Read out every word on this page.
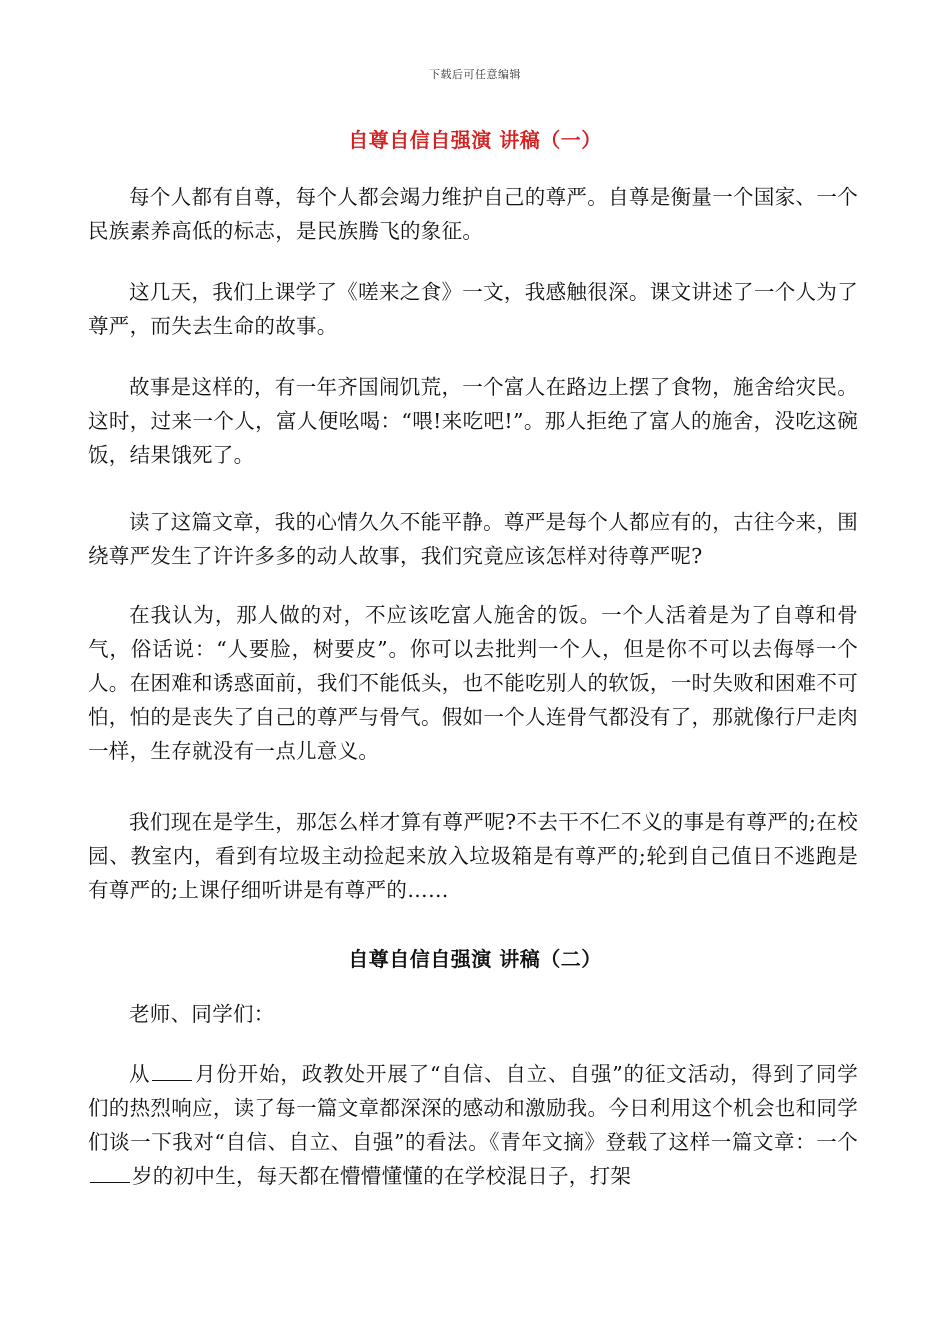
下载后可任意编辑
自尊自信自强演 讲稿（一）

每个人都有自尊，每个人都会竭力维护自己的尊严。自尊是衡量一个国家、一个民族素养高低的标志，是民族腾飞的象征。

这几天，我们上课学了《嗟来之食》一文，我感触很深。课文讲述了一个人为了尊严，而失去生命的故事。

故事是这样的，有一年齐国闹饥荒，一个富人在路边上摆了食物，施舍给灾民。这时，过来一个人，富人便吆喝：“喂!来吃吧!”。那人拒绝了富人的施舍，没吃这碗饭，结果饿死了。

读了这篇文章，我的心情久久不能平静。尊严是每个人都应有的，古往今来，围绕尊严发生了许许多多的动人故事，我们究竟应该怎样对待尊严呢?

在我认为，那人做的对，不应该吃富人施舍的饭。一个人活着是为了自尊和骨气，俗话说：“人要脸，树要皮”。你可以去批判一个人，但是你不可以去侮辱一个人。在困难和诱惑面前，我们不能低头，也不能吃别人的软饭，一时失败和困难不可怕，怕的是丧失了自己的尊严与骨气。假如一个人连骨气都没有了，那就像行尸走肉一样，生存就没有一点儿意义。

我们现在是学生，那怎么样才算有尊严呢?不去干不仁不义的事是有尊严的;在校园、教室内，看到有垃圾主动捡起来放入垃圾箱是有尊严的;轮到自己值日不逃跑是有尊严的;上课仔细听讲是有尊严的……

自尊自信自强演 讲稿（二）

老师、同学们：

从 月份开始，政教处开展了“自信、自立、自强”的征文活动，得到了同学们的热烈响应，读了每一篇文章都深深的感动和激励我。今日利用这个机会也和同学们谈一下我对“自信、自立、自强”的看法。《青年文摘》登载了这样一篇文章：一个岁的初中生，每天都在懵懵懂懂的在学校混日子，打架
